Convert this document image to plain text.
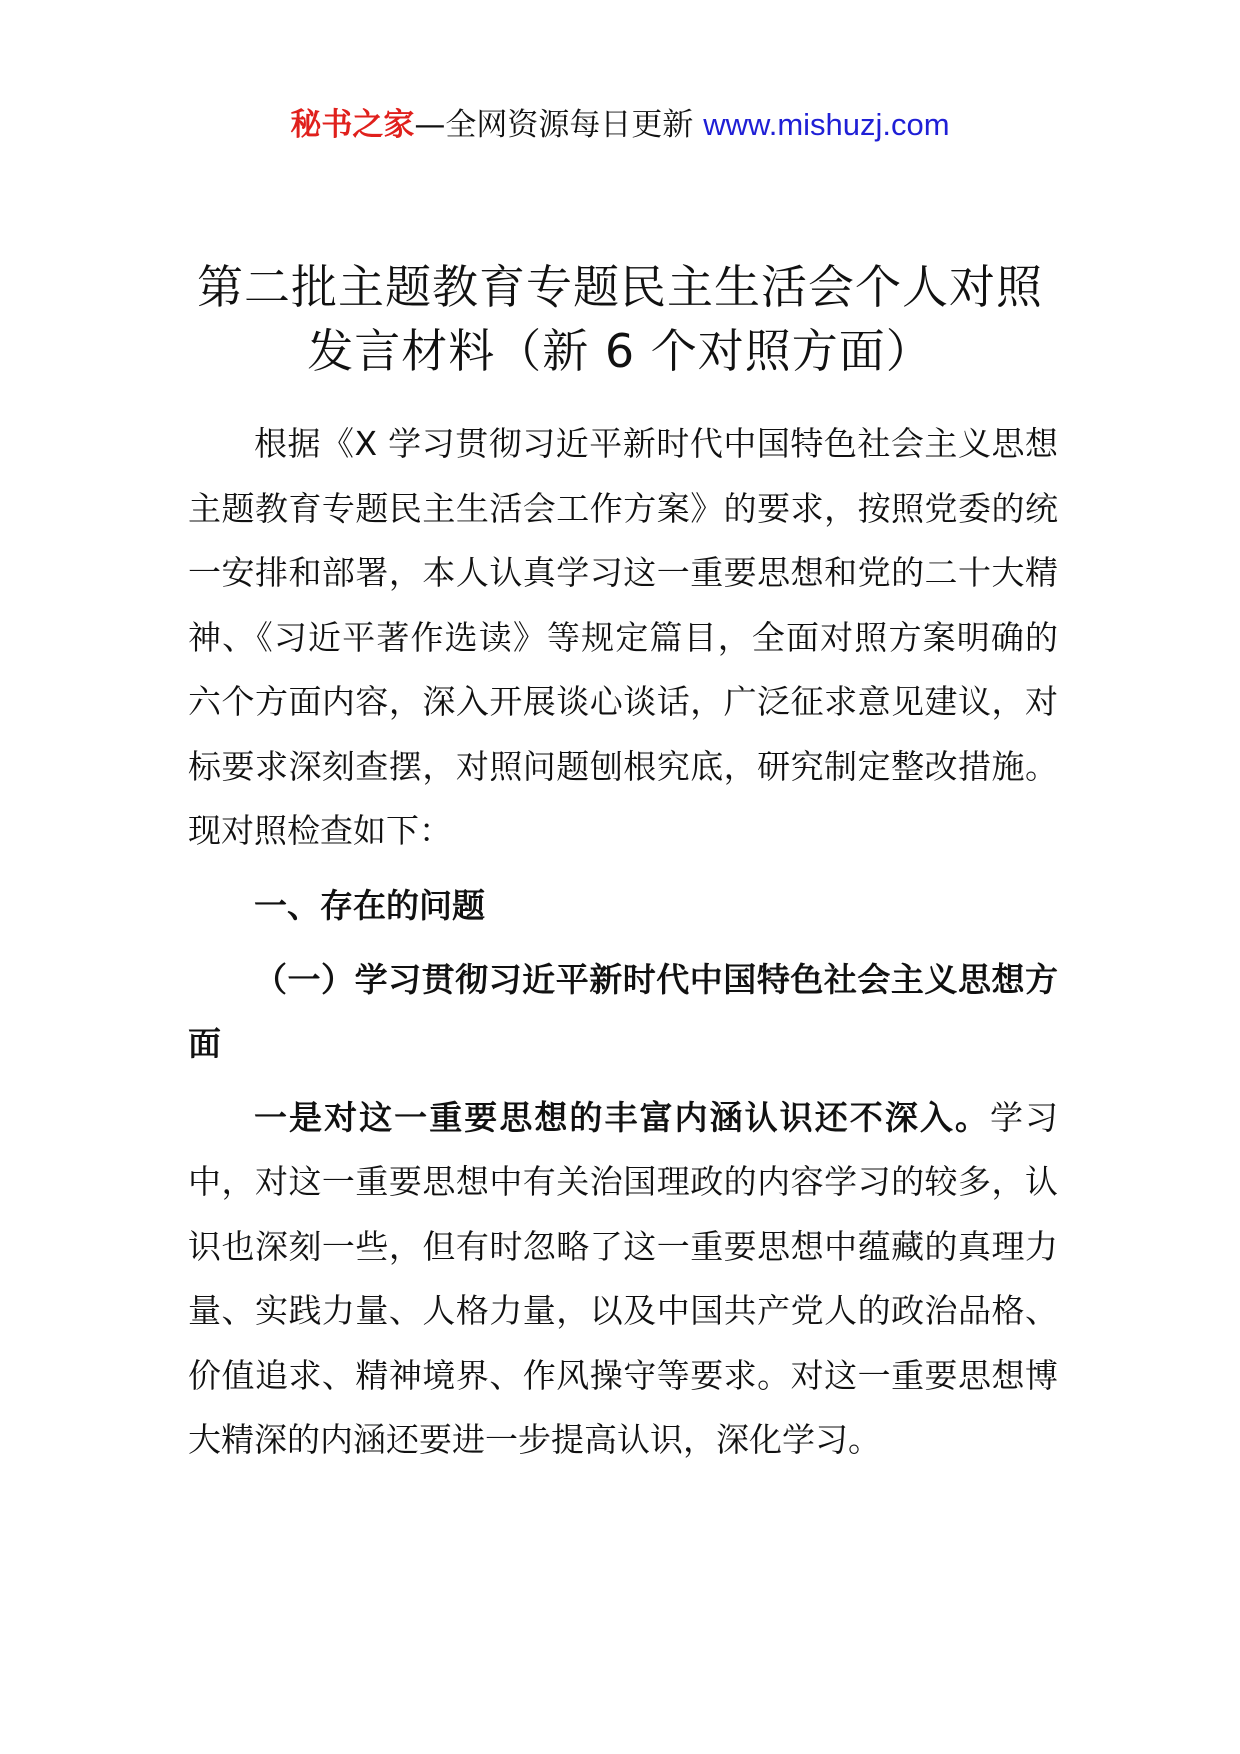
秘书之家—全网资源每日更新 www.mishuzj.com
第二批主题教育专题民主生活会个人对照
发言材料（新 6 个对照方面）

根据《X 学习贯彻习近平新时代中国特色社会主义思想主题教育专题民主生活会工作方案》的要求，按照党委的统一安排和部署，本人认真学习这一重要思想和党的二十大精神、《习近平著作选读》等规定篇目，全面对照方案明确的六个方面内容，深入开展谈心谈话，广泛征求意见建议，对标要求深刻查摆，对照问题刨根究底，研究制定整改措施。现对照检查如下：

一、存在的问题

（一）学习贯彻习近平新时代中国特色社会主义思想方面

一是对这一重要思想的丰富内涵认识还不深入。学习中，对这一重要思想中有关治国理政的内容学习的较多，认识也深刻一些，但有时忽略了这一重要思想中蕴藏的真理力量、实践力量、人格力量，以及中国共产党人的政治品格、价值追求、精神境界、作风操守等要求。对这一重要思想博大精深的内涵还要进一步提高认识，深化学习。
